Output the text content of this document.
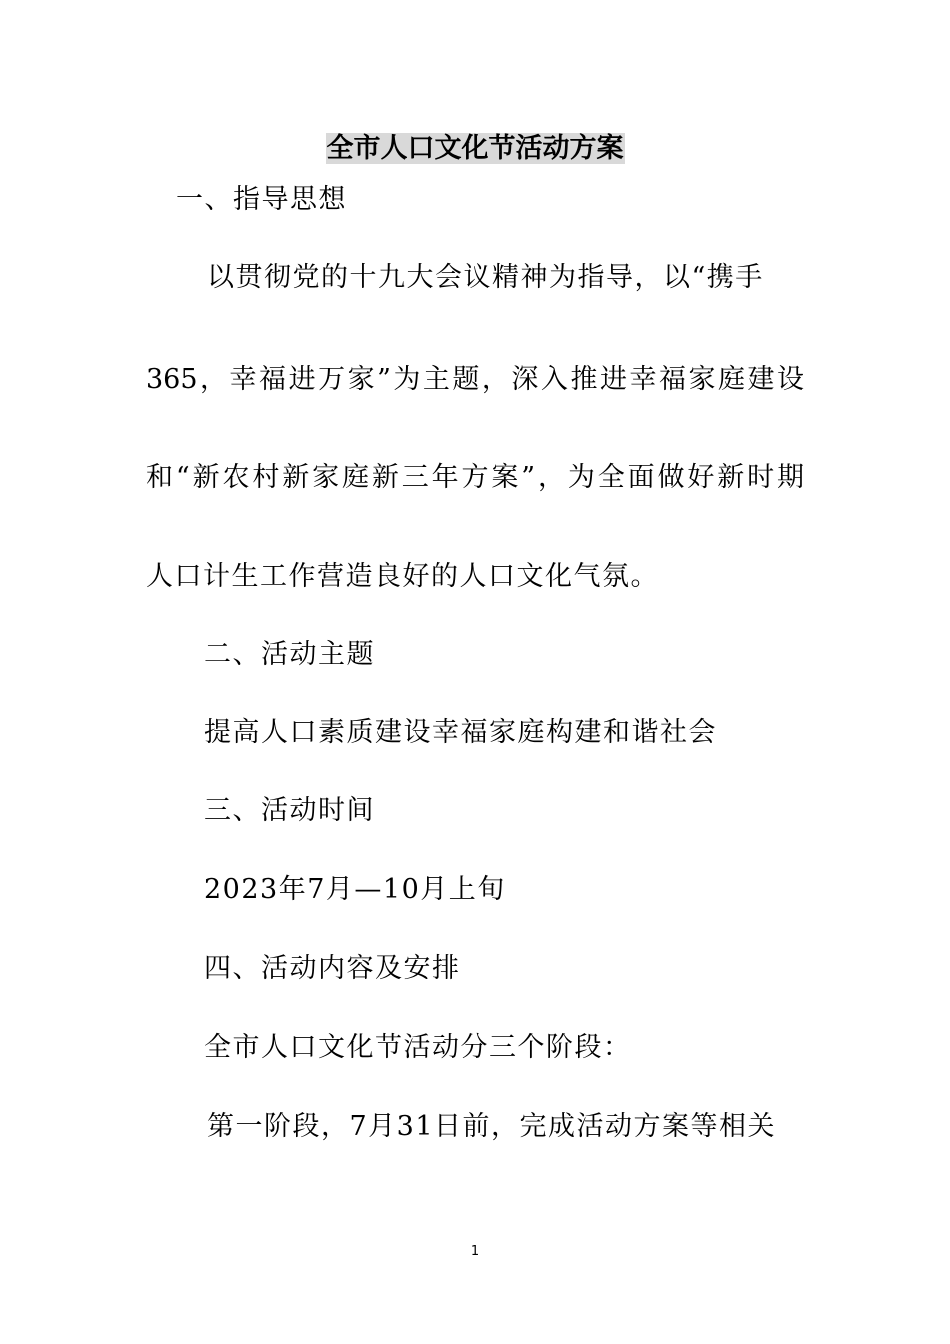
全市人口文化节活动方案
一、指导思想
以贯彻党的十九大会议精神为指导，以“携手
365，幸福进万家”为主题，深入推进幸福家庭建设
和“新农村新家庭新三年方案”，为全面做好新时期
人口计生工作营造良好的人口文化气氛。
二、活动主题
提高人口素质建设幸福家庭构建和谐社会
三、活动时间
2023年7月—10月上旬
四、活动内容及安排
全市人口文化节活动分三个阶段：
第一阶段，7月31日前，完成活动方案等相关
1
